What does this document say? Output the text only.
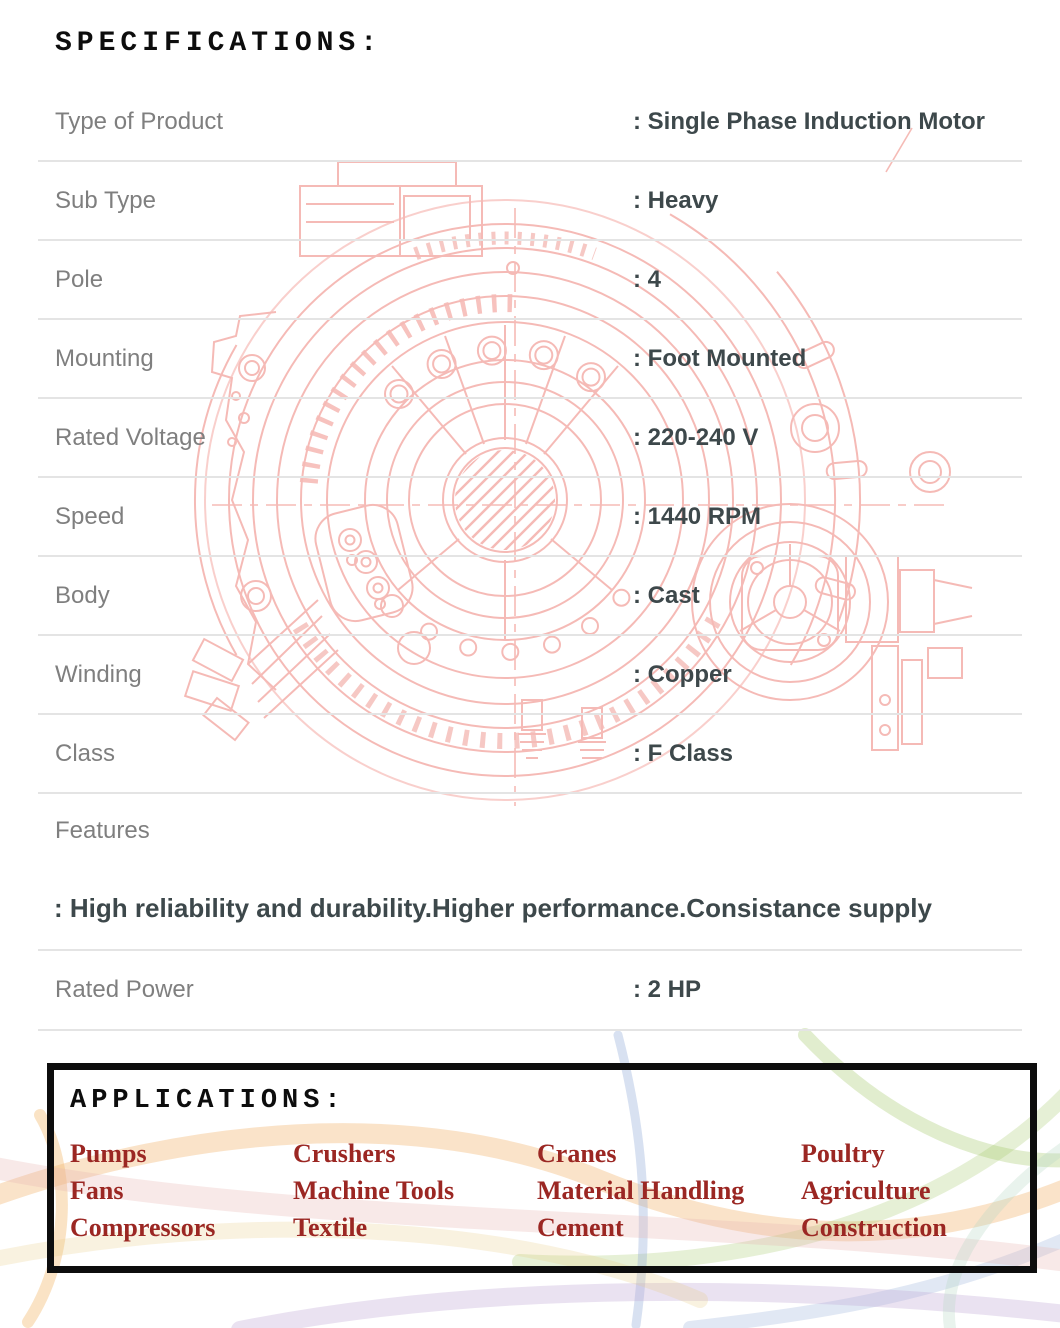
SPECIFICATIONS:
Type of Product	: Single Phase Induction Motor
Sub Type	: Heavy
Pole	: 4
Mounting	: Foot Mounted
Rated Voltage	: 220-240 V
Speed	: 1440 RPM
Body	: Cast
Winding	: Copper
Class	: F Class
Features
: High reliability and durability.Higher performance.Consistance supply
Rated Power	: 2 HP
APPLICATIONS:
Pumps
Fans
Compressors
Crushers
Machine Tools
Textile
Cranes
Material Handling
Cement
Poultry
Agriculture
Construction
